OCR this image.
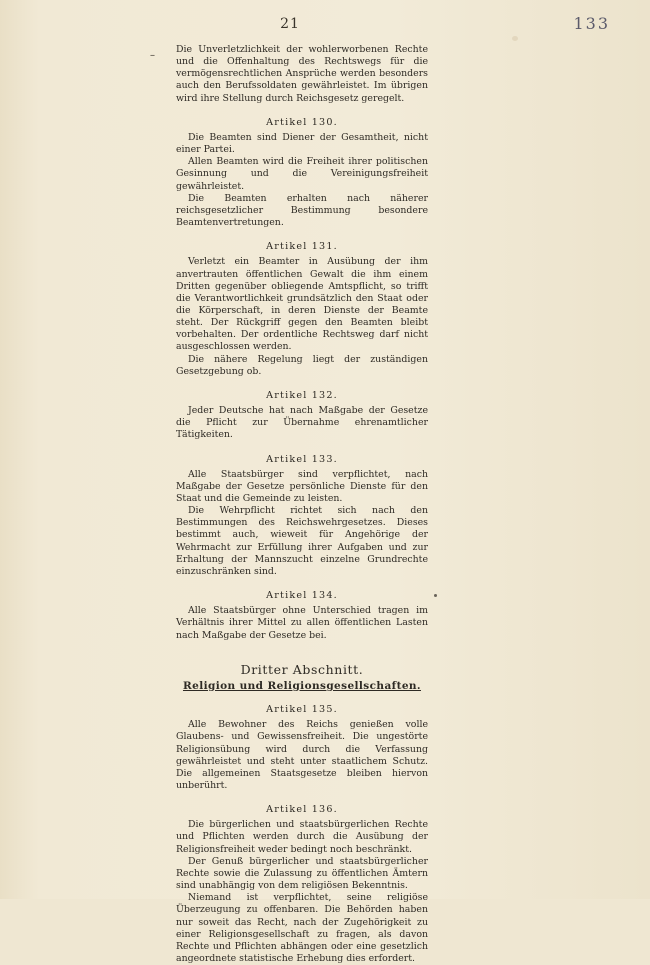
21	133
–

Die Unverletzlichkeit der wohlerworbenen Rechte und die Offenhaltung des Rechtswegs für die vermögensrechtlichen Ansprüche werden besonders auch den Berufssoldaten gewährleistet. Im übrigen wird ihre Stellung durch Reichsgesetz geregelt.

Artikel 130.

Die Beamten sind Diener der Gesamtheit, nicht einer Partei.

Allen Beamten wird die Freiheit ihrer politischen Gesinnung und die Vereinigungsfreiheit gewährleistet.

Die Beamten erhalten nach näherer reichsgesetzlicher Bestimmung besondere Beamtenvertretungen.

Artikel 131.

Verletzt ein Beamter in Ausübung der ihm anvertrauten öffentlichen Gewalt die ihm einem Dritten gegenüber obliegende Amtspflicht, so trifft die Verantwortlichkeit grundsätzlich den Staat oder die Körperschaft, in deren Dienste der Beamte steht. Der Rückgriff gegen den Beamten bleibt vorbehalten. Der ordentliche Rechtsweg darf nicht ausgeschlossen werden.

Die nähere Regelung liegt der zuständigen Gesetzgebung ob.

Artikel 132.

Jeder Deutsche hat nach Maßgabe der Gesetze die Pflicht zur Übernahme ehrenamtlicher Tätigkeiten.

Artikel 133.

Alle Staatsbürger sind verpflichtet, nach Maßgabe der Gesetze persönliche Dienste für den Staat und die Gemeinde zu leisten.

Die Wehrpflicht richtet sich nach den Bestimmungen des Reichswehrgesetzes. Dieses bestimmt auch, wieweit für Angehörige der Wehrmacht zur Erfüllung ihrer Aufgaben und zur Erhaltung der Mannszucht einzelne Grundrechte einzuschränken sind.

Artikel 134.

Alle Staatsbürger ohne Unterschied tragen im Verhältnis ihrer Mittel zu allen öffentlichen Lasten nach Maßgabe der Gesetze bei.

Dritter Abschnitt.
Religion und Religionsgesellschaften.
Artikel 135.

Alle Bewohner des Reichs genießen volle Glaubens- und Gewissensfreiheit. Die ungestörte Religionsübung wird durch die Verfassung gewährleistet und steht unter staatlichem Schutz. Die allgemeinen Staatsgesetze bleiben hiervon unberührt.

Artikel 136.

Die bürgerlichen und staatsbürgerlichen Rechte und Pflichten werden durch die Ausübung der Religionsfreiheit weder bedingt noch beschränkt.

Der Genuß bürgerlicher und staatsbürgerlicher Rechte sowie die Zulassung zu öffentlichen Ämtern sind unabhängig von dem religiösen Bekenntnis.

Niemand ist verpflichtet, seine religiöse Überzeugung zu offenbaren. Die Behörden haben nur soweit das Recht, nach der Zugehörigkeit zu einer Religionsgesellschaft zu fragen, als davon Rechte und Pflichten abhängen oder eine gesetzlich angeordnete statistische Erhebung dies erfordert.
